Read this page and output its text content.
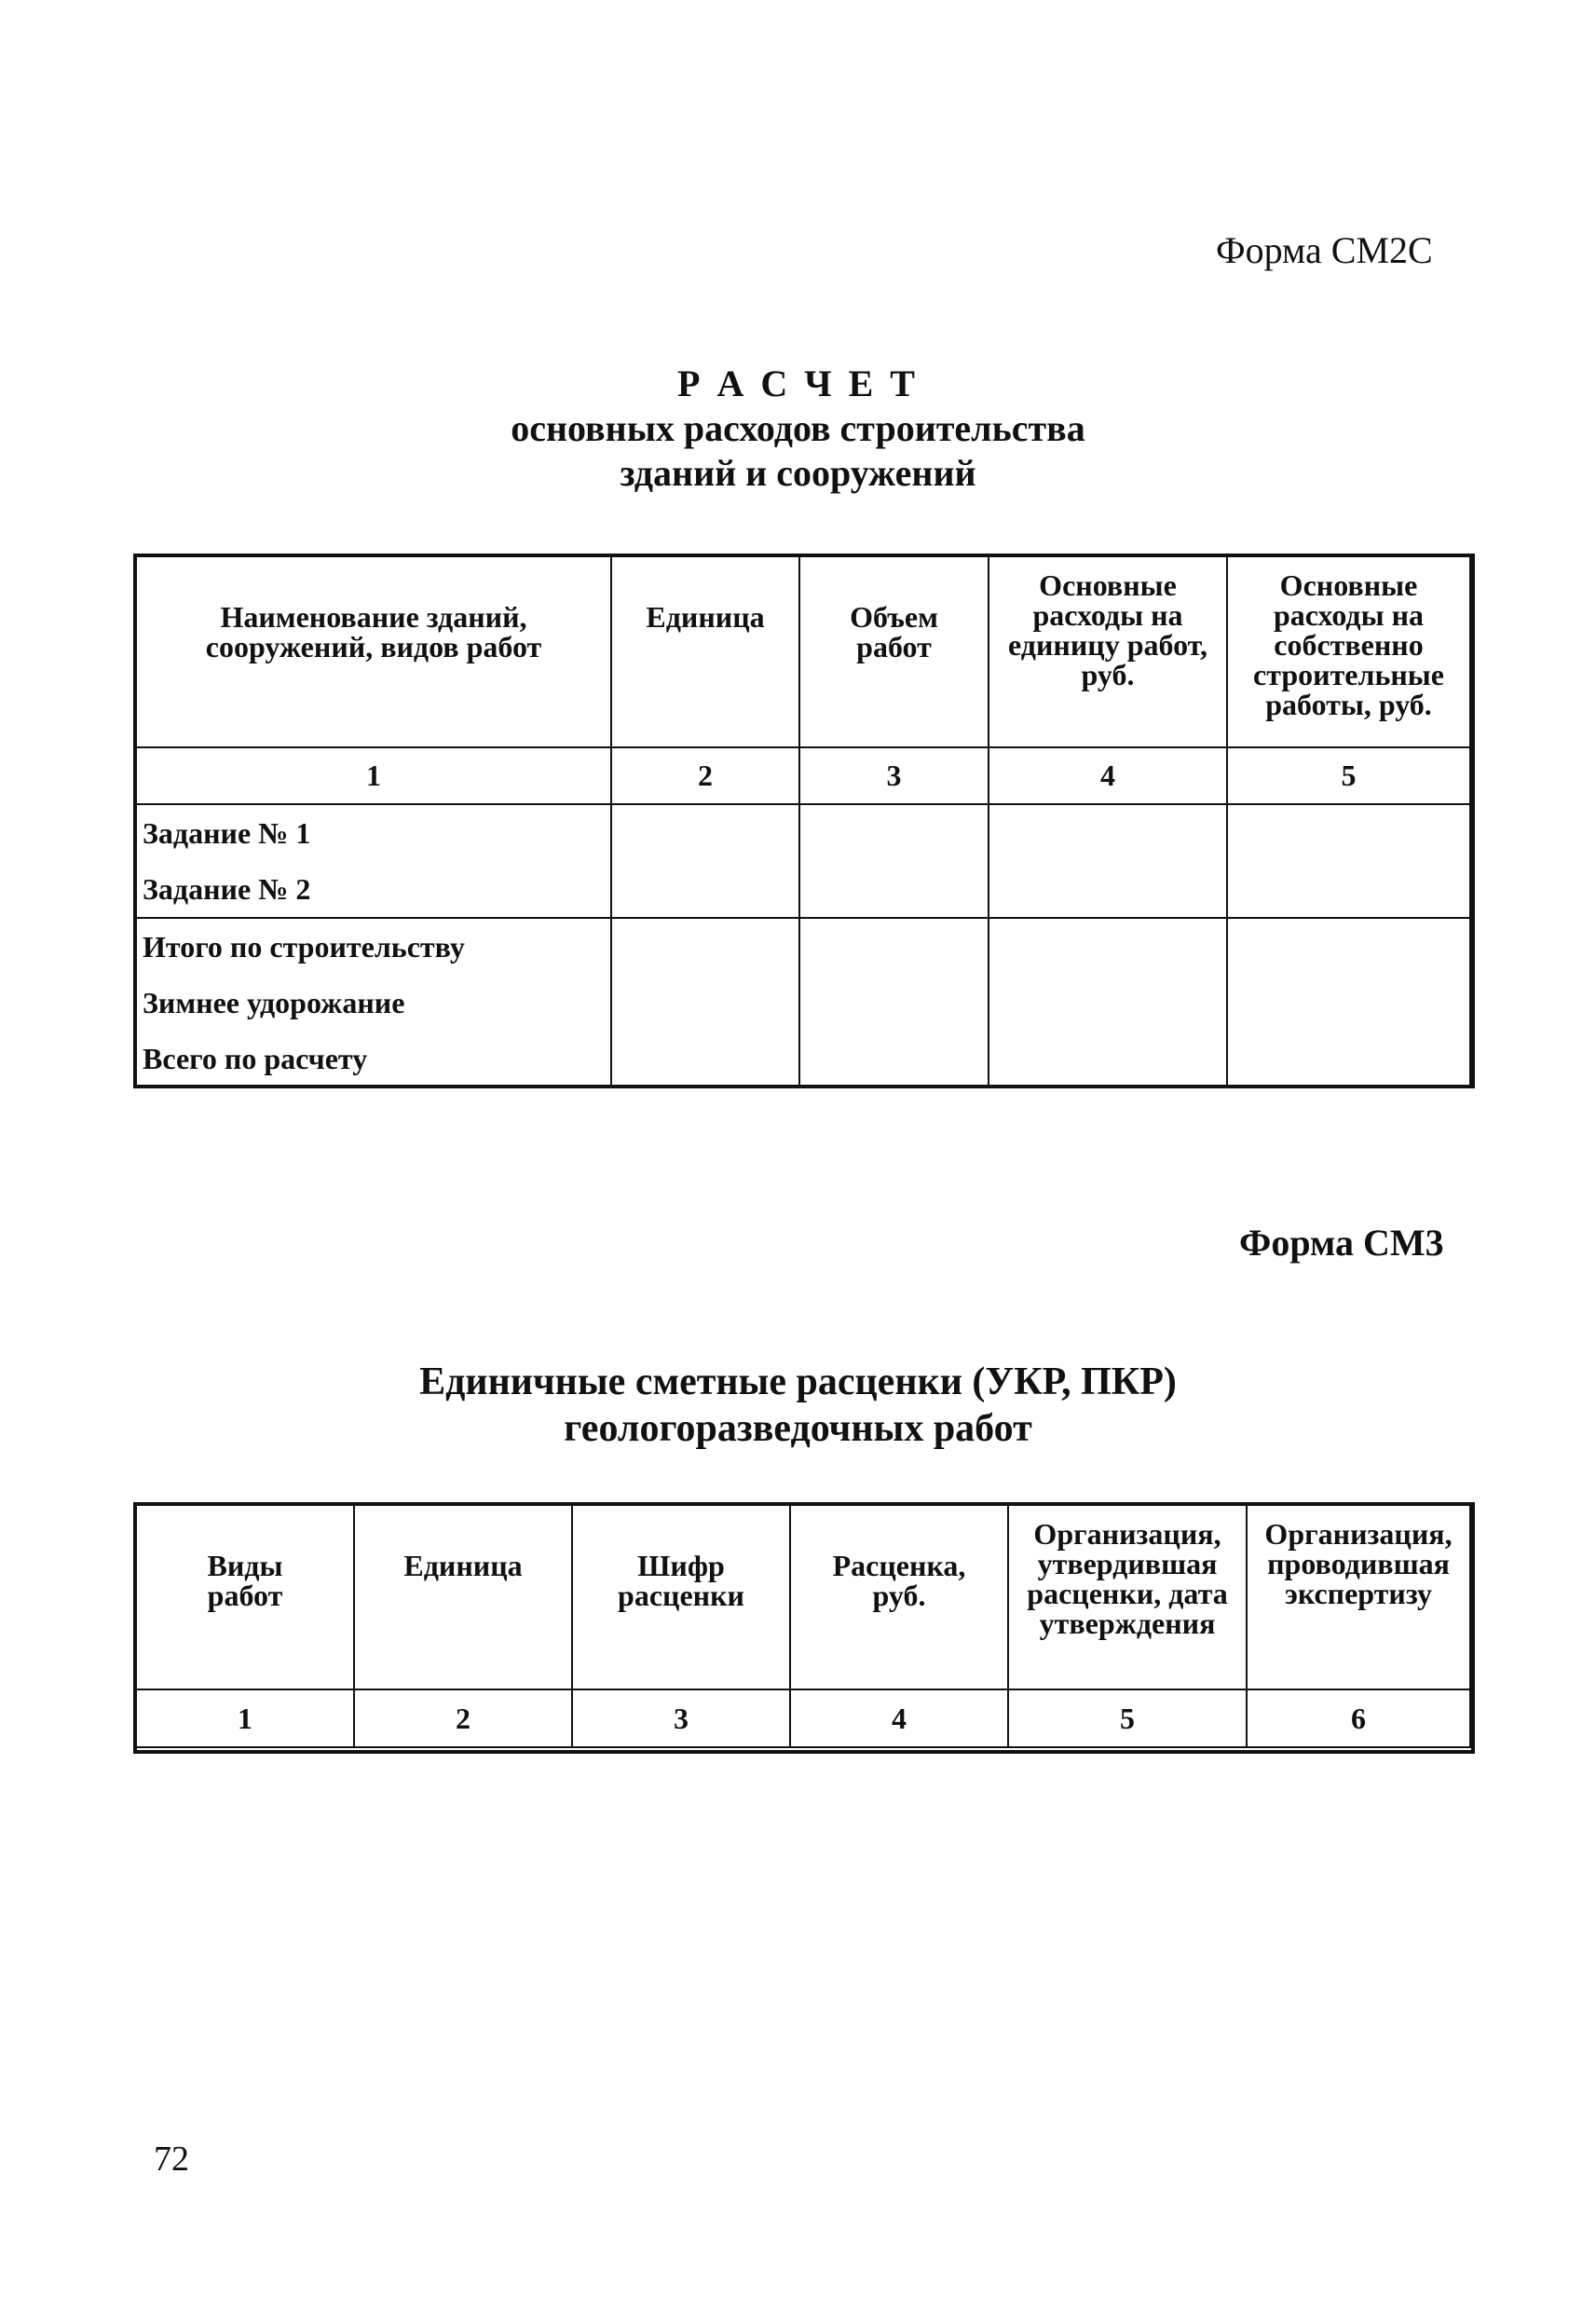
Форма СМ2С
Р А С Ч Е Т
основных расходов строительства
зданий и сооружений
Наименование зданий, сооружений, видов работ	Единица	Объем работ	Основные расходы на единицу работ, руб.	Основные расходы на собственно строительные работы, руб.
1	2	3	4	5

Задание № 1
Задание № 2				

Итого по строительству
Зимнее удорожание
Всего по расчету				

Форма СМ3
Единичные сметные расценки (УКР, ПКР)
геологоразведочных работ
Виды работ	Единица	Шифр расценки	Расценка, руб.	Организация, утвердившая расценки, дата утверждения	Организация, проводившая экспертизу
1	2	3	4	5	6
72
